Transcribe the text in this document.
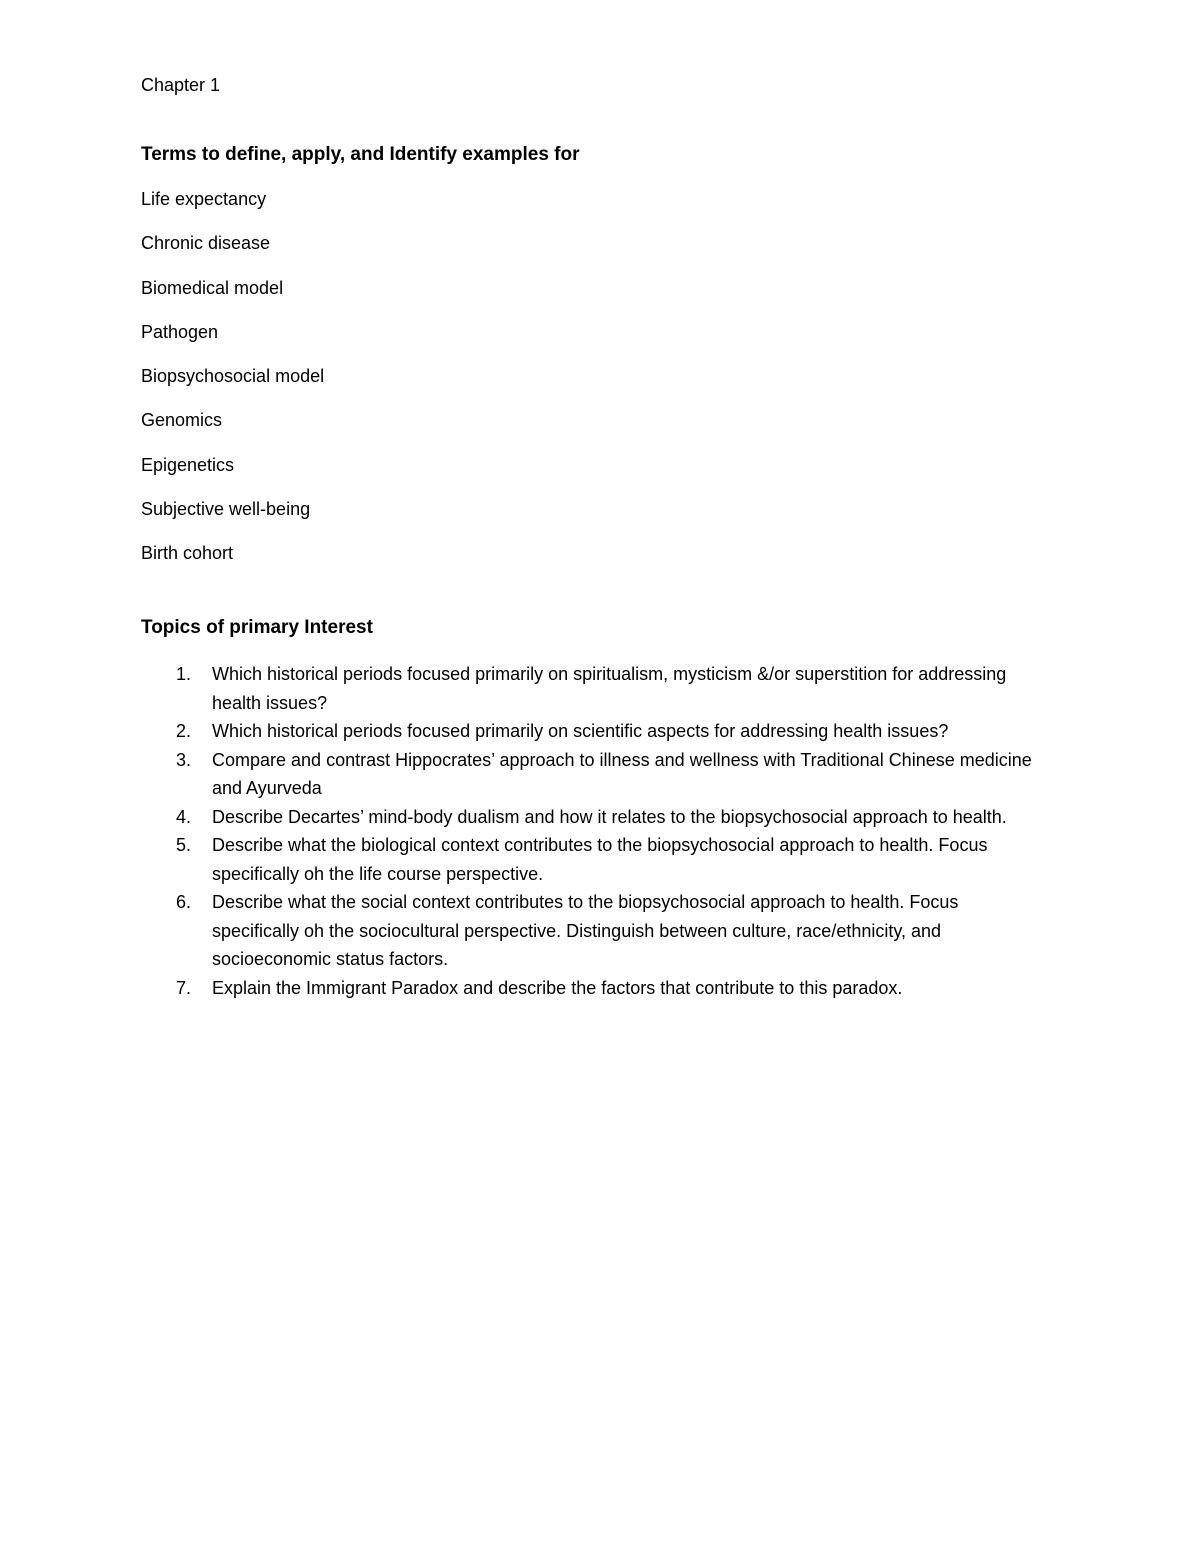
Chapter 1

Terms to define, apply, and Identify examples for

Life expectancy
Chronic disease
Biomedical model
Pathogen
Biopsychosocial model
Genomics
Epigenetics
Subjective well-being
Birth cohort

Topics of primary Interest

1. Which historical periods focused primarily on spiritualism, mysticism &/or superstition for addressing health issues?
2. Which historical periods focused primarily on scientific aspects for addressing health issues?
3. Compare and contrast Hippocrates’ approach to illness and wellness with Traditional Chinese medicine and Ayurveda
4. Describe Decartes’ mind-body dualism and how it relates to the biopsychosocial approach to health.
5. Describe what the biological context contributes to the biopsychosocial approach to health. Focus specifically oh the life course perspective.
6. Describe what the social context contributes to the biopsychosocial approach to health. Focus specifically oh the sociocultural perspective. Distinguish between culture, race/ethnicity, and socioeconomic status factors.
7. Explain the Immigrant Paradox and describe the factors that contribute to this paradox.
